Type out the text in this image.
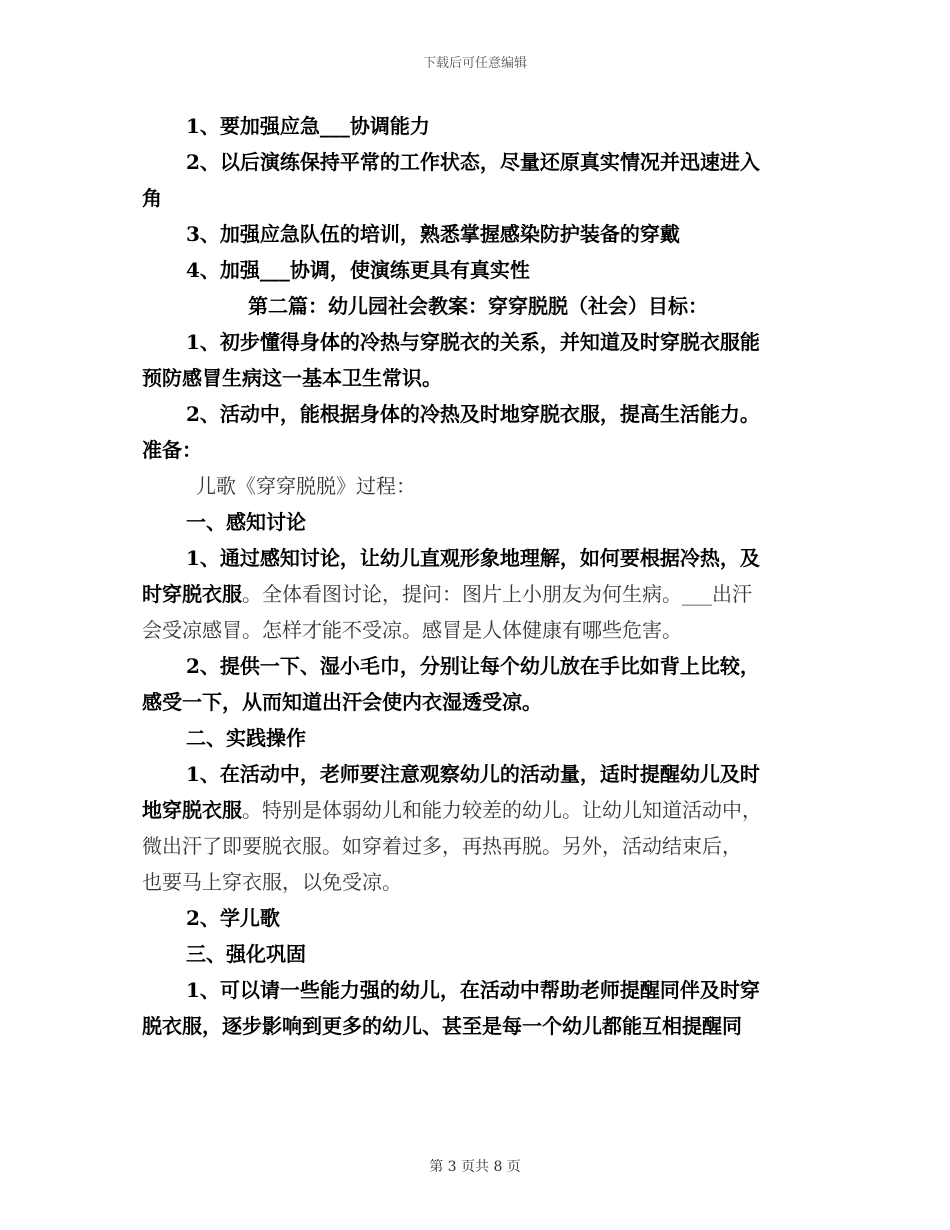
下载后可任意编辑

1、要加强应急___协调能力

2、以后演练保持平常的工作状态，尽量还原真实情况并迅速进入

角

3、加强应急队伍的培训，熟悉掌握感染防护装备的穿戴

4、加强___协调，使演练更具有真实性

第二篇：幼儿园社会教案：穿穿脱脱（社会）目标：

1、初步懂得身体的冷热与穿脱衣的关系，并知道及时穿脱衣服能

预防感冒生病这一基本卫生常识。

2、活动中，能根据身体的冷热及时地穿脱衣服，提高生活能力。

准备：

儿歌《穿穿脱脱》过程：

一、感知讨论

1、通过感知讨论，让幼儿直观形象地理解，如何要根据冷热，及

时穿脱衣服。全体看图讨论，提问：图片上小朋友为何生病。___出汗

会受凉感冒。怎样才能不受凉。感冒是人体健康有哪些危害。

2、提供一下、湿小毛巾，分别让每个幼儿放在手比如背上比较，

感受一下，从而知道出汗会使内衣湿透受凉。

二、实践操作

1、在活动中，老师要注意观察幼儿的活动量，适时提醒幼儿及时

地穿脱衣服。特别是体弱幼儿和能力较差的幼儿。让幼儿知道活动中，

微出汗了即要脱衣服。如穿着过多，再热再脱。另外，活动结束后，

也要马上穿衣服，以免受凉。

2、学儿歌

三、强化巩固

1、可以请一些能力强的幼儿，在活动中帮助老师提醒同伴及时穿

脱衣服，逐步影响到更多的幼儿、甚至是每一个幼儿都能互相提醒同

第 3 页共 8 页
